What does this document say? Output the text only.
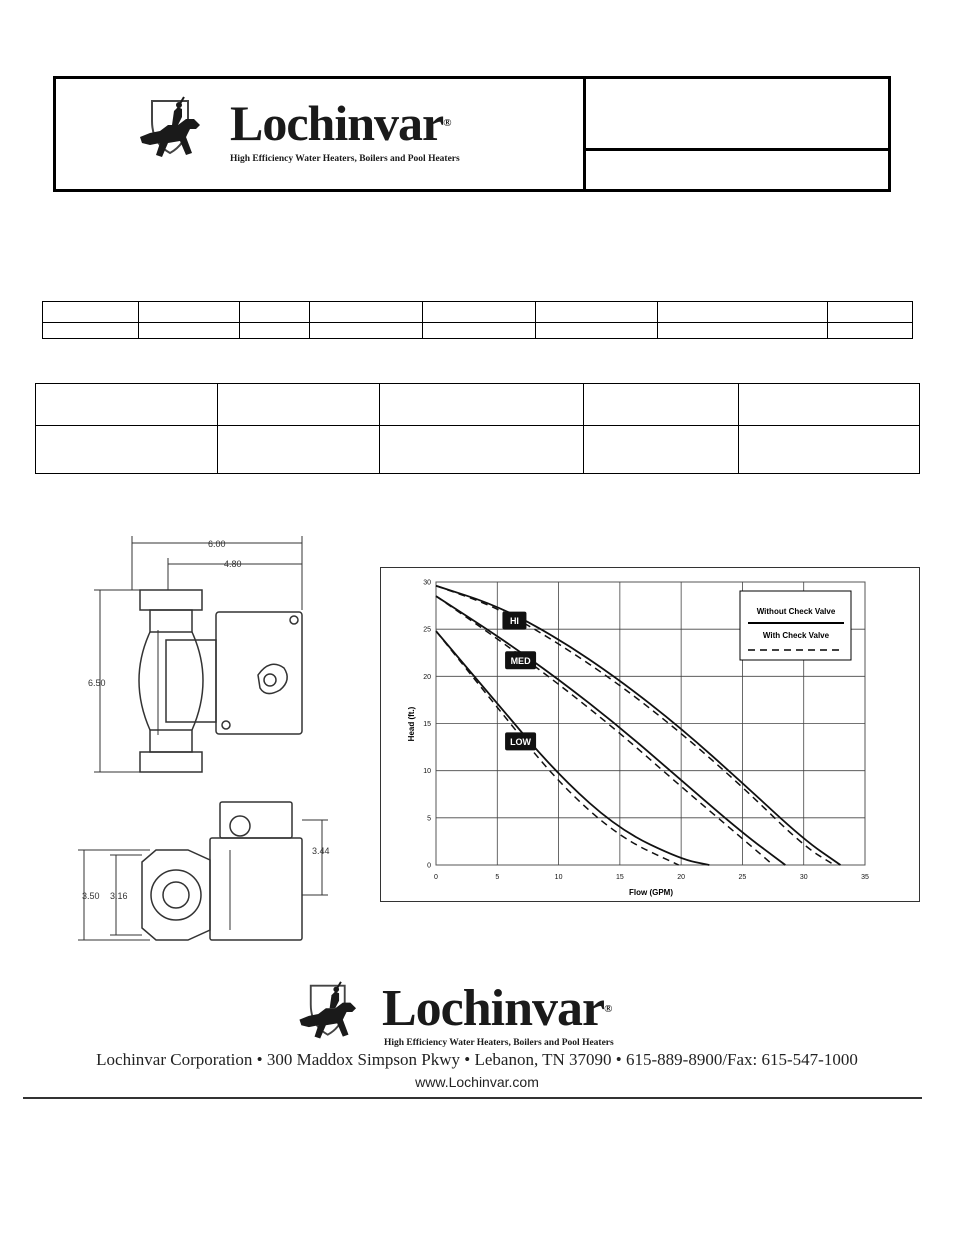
Lochinvar®
High Efficiency Water Heaters, Boilers and Pool Heaters

6.00
4.80
6.50
3.44
3.50 3.16
0	5	10	15	20	25	30	35
0
5
10
15
20
25
30
Flow (GPM)
Head (ft.)
HI
MED
LOW
Without Check Valve
With Check Valve
Lochinvar®
High Efficiency Water Heaters, Boilers and Pool Heaters
Lochinvar Corporation • 300 Maddox Simpson Pkwy • Lebanon, TN 37090 • 615-889-8900/Fax: 615-547-1000
www.Lochinvar.com
